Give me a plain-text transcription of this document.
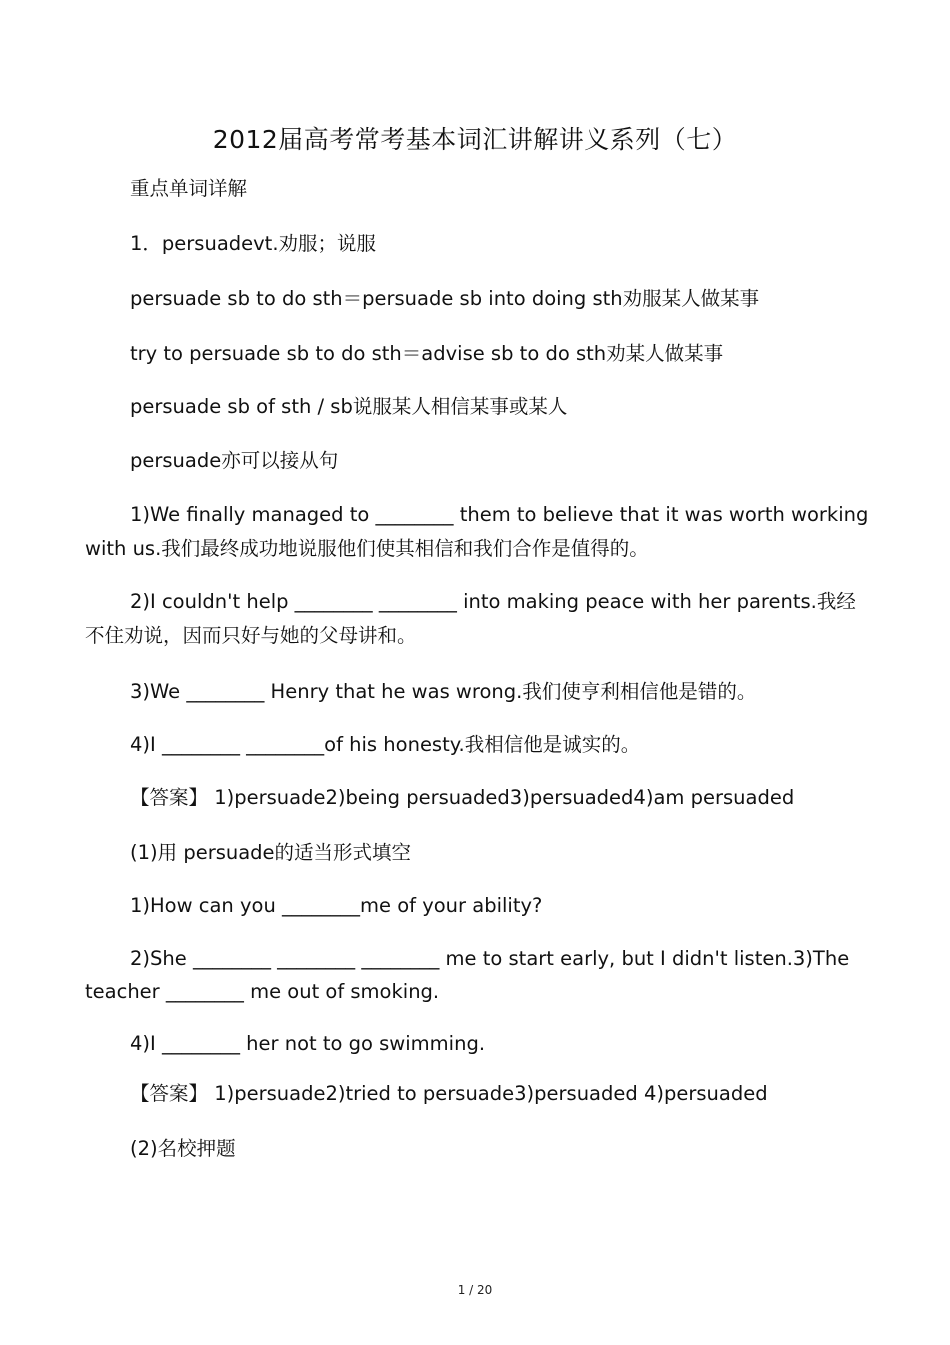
2012届高考常考基本词汇讲解讲义系列（七）
重点单词详解
1．persuadevt.劝服；说服
persuade sb to do sth＝persuade sb into doing sth劝服某人做某事
try to persuade sb to do sth＝advise sb to do sth劝某人做某事
persuade sb of sth / sb说服某人相信某事或某人
persuade亦可以接从句
1)We finally managed to ________ them to believe that it was worth working
with us.我们最终成功地说服他们使其相信和我们合作是值得的。
2)I couldn't help ________ ________ into making peace with her parents.我经
不住劝说，因而只好与她的父母讲和。
3)We ________ Henry that he was wrong.我们使亨利相信他是错的。
4)I ________ ________of his honesty.我相信他是诚实的。
【答案】 1)persuade2)being persuaded3)persuaded4)am persuaded
(1)用 persuade的适当形式填空
1)How can you ________me of your ability?
2)She ________ ________ ________ me to start early, but I didn't listen.3)The
teacher ________ me out of smoking.
4)I ________ her not to go swimming.
【答案】 1)persuade2)tried to persuade3)persuaded 4)persuaded
(2)名校押题
1 / 20
